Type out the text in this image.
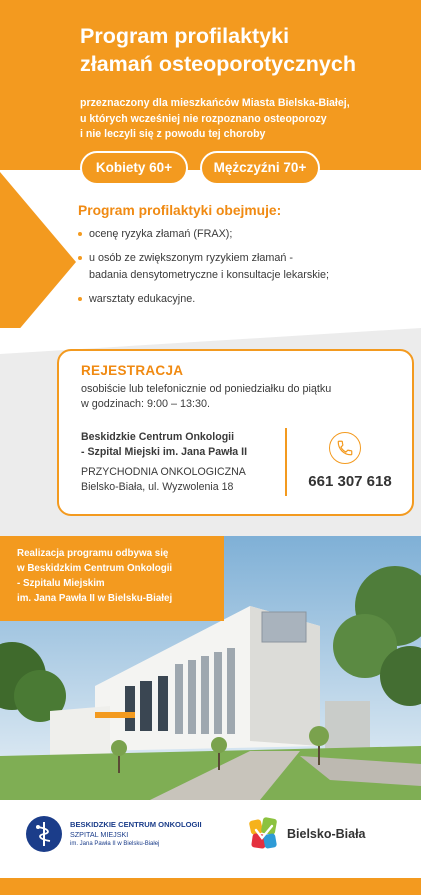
Program profilaktyki
złamań osteoporotycznych
przeznaczony dla mieszkańców Miasta Bielska-Białej,
u których wcześniej nie rozpoznano osteoporozy
i nie leczyli się z powodu tej choroby
Kobiety 60+	Mężczyźni 70+
Program profilaktyki obejmuje:
ocenę ryzyka złamań (FRAX);
u osób ze zwiększonym ryzykiem złamań -
badania densytometryczne i konsultacje lekarskie;
warsztaty edukacyjne.
REJESTRACJA
osobiście lub telefonicznie od poniedziałku do piątku
w godzinach: 9:00 – 13:30.
Beskidzkie Centrum Onkologii
- Szpital Miejski im. Jana Pawła II
PRZYCHODNIA ONKOLOGICZNA
Bielsko-Biała, ul. Wyzwolenia 18	661 307 618
Realizacja programu odbywa się
w Beskidzkim Centrum Onkologii
- Szpitalu Miejskim
im. Jana Pawła II w Bielsku-Białej
BESKIDZKIE CENTRUM ONKOLOGII
SZPITAL MIEJSKI
im. Jana Pawła II w Bielsku-Białej
Bielsko-Biała
